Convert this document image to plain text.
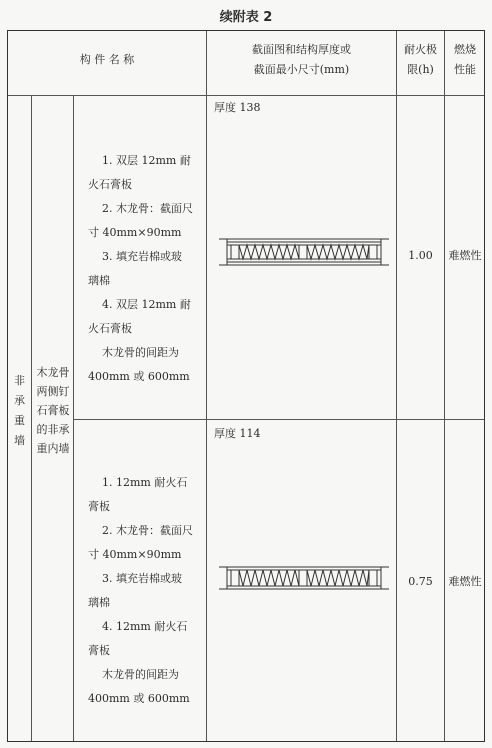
续附表 2
构 件 名 称
截面图和结构厚度或
截面最小尺寸(mm)
耐火极
限(h)
燃烧
性能
非
承
重
墙
木龙骨
两侧钉
石膏板
的非承
重内墙

1. 双层 12mm 耐

火石膏板

2. 木龙骨：截面尺

寸 40mm×90mm

3. 填充岩棉或玻

璃棉

4. 双层 12mm 耐

火石膏板

木龙骨的间距为

400mm 或 600mm

厚度 138
1.00	难燃性

1. 12mm 耐火石

膏板

2. 木龙骨：截面尺

寸 40mm×90mm

3. 填充岩棉或玻

璃棉

4. 12mm 耐火石

膏板

木龙骨的间距为

400mm 或 600mm

厚度 114
0.75	难燃性
